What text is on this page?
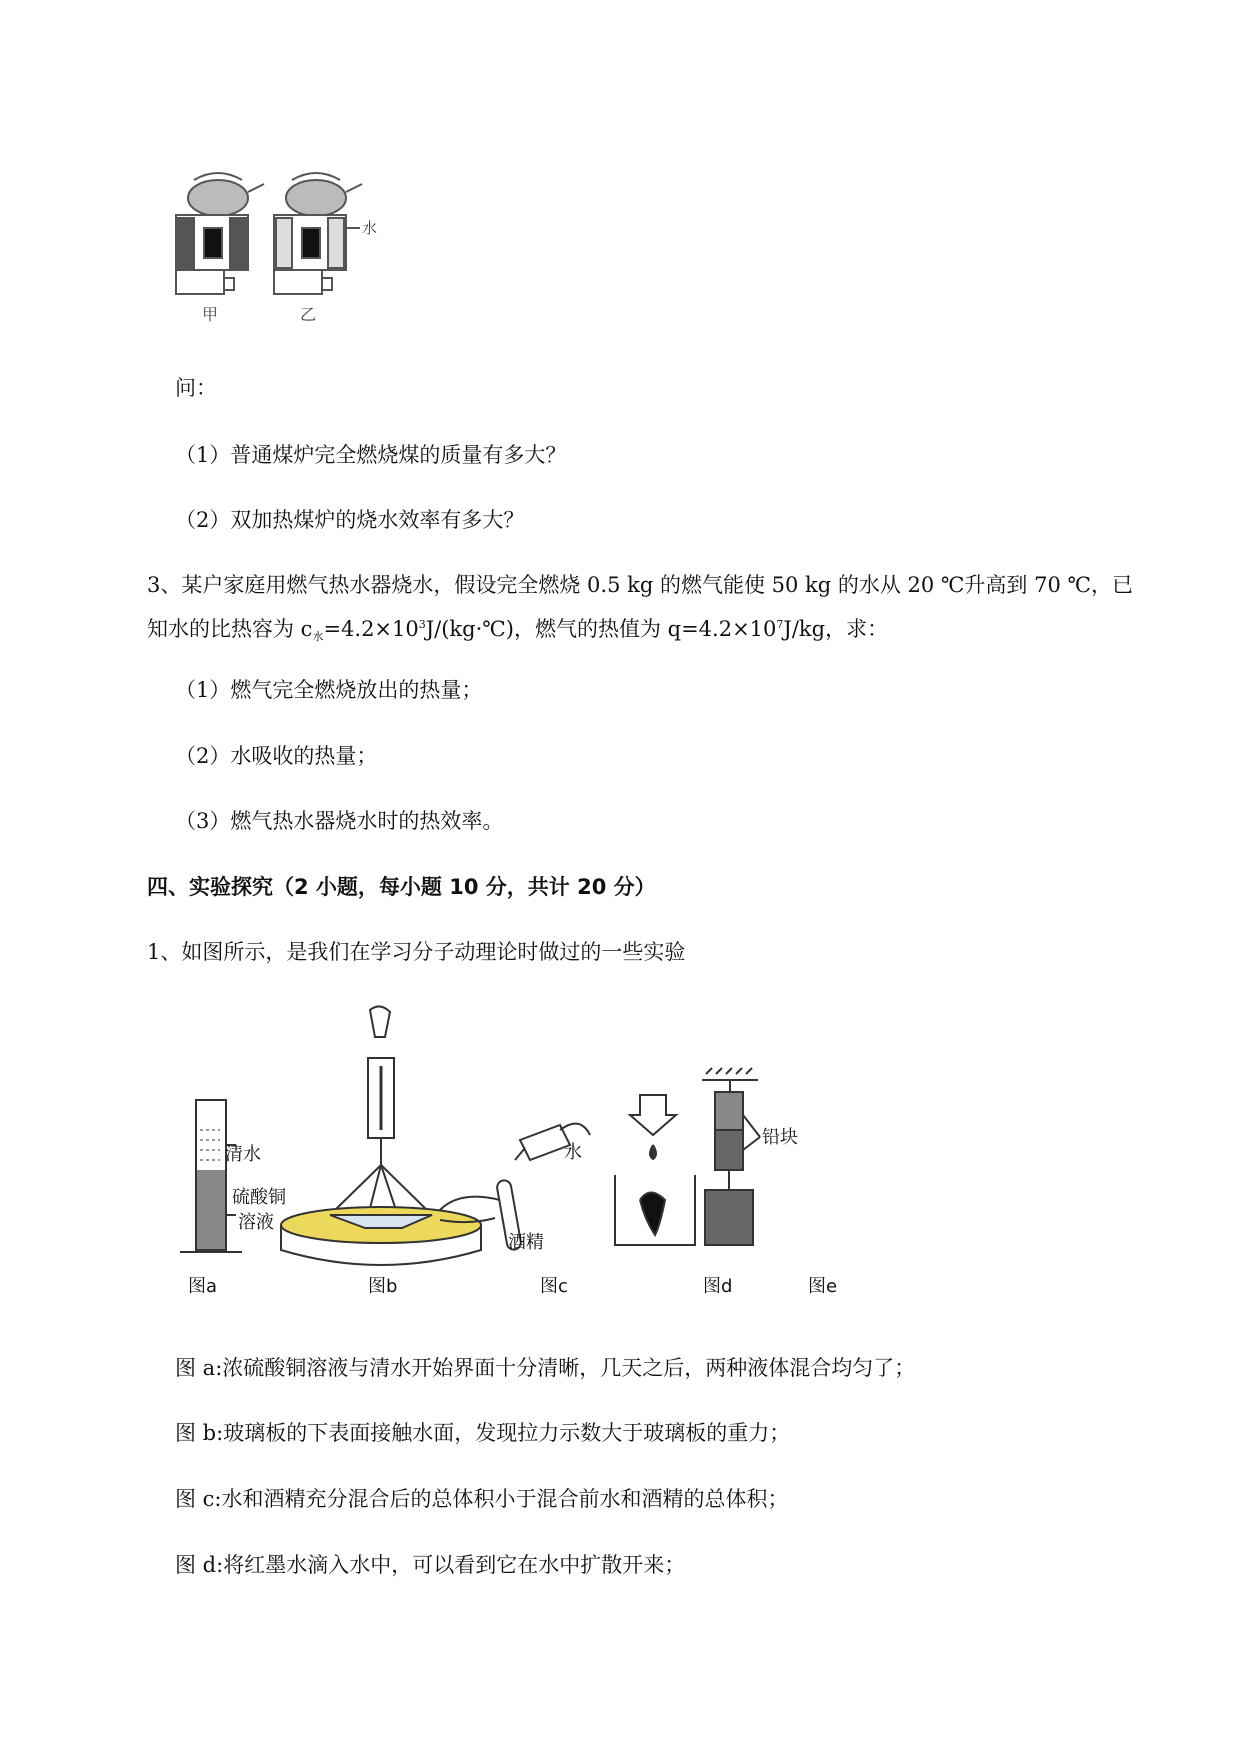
水
甲	乙
问：
（1）普通煤炉完全燃烧煤的质量有多大？
（2）双加热煤炉的烧水效率有多大？
3、某户家庭用燃气热水器烧水，假设完全燃烧 0.5 kg 的燃气能使 50 kg 的水从 20 ℃升高到 70 ℃，已
知水的比热容为 $c_水=4.2\times 10^3J/(kg\cdot℃)$，燃气的热值为 $q=4.2\times 10^7J/kg$，求：
（1）燃气完全燃烧放出的热量；
（2）水吸收的热量；
（3）燃气热水器烧水时的热效率。
四、实验探究（2 小题，每小题 10 分，共计 20 分）
1、如图所示，是我们在学习分子动理论时做过的一些实验
清水
硫酸铜
溶液
水
酒精
铅块
图a	图b	图c	图d	图e
图 a:浓硫酸铜溶液与清水开始界面十分清晰，几天之后，两种液体混合均匀了；
图 b:玻璃板的下表面接触水面，发现拉力示数大于玻璃板的重力；
图 c:水和酒精充分混合后的总体积小于混合前水和酒精的总体积；
图 d:将红墨水滴入水中，可以看到它在水中扩散开来；
